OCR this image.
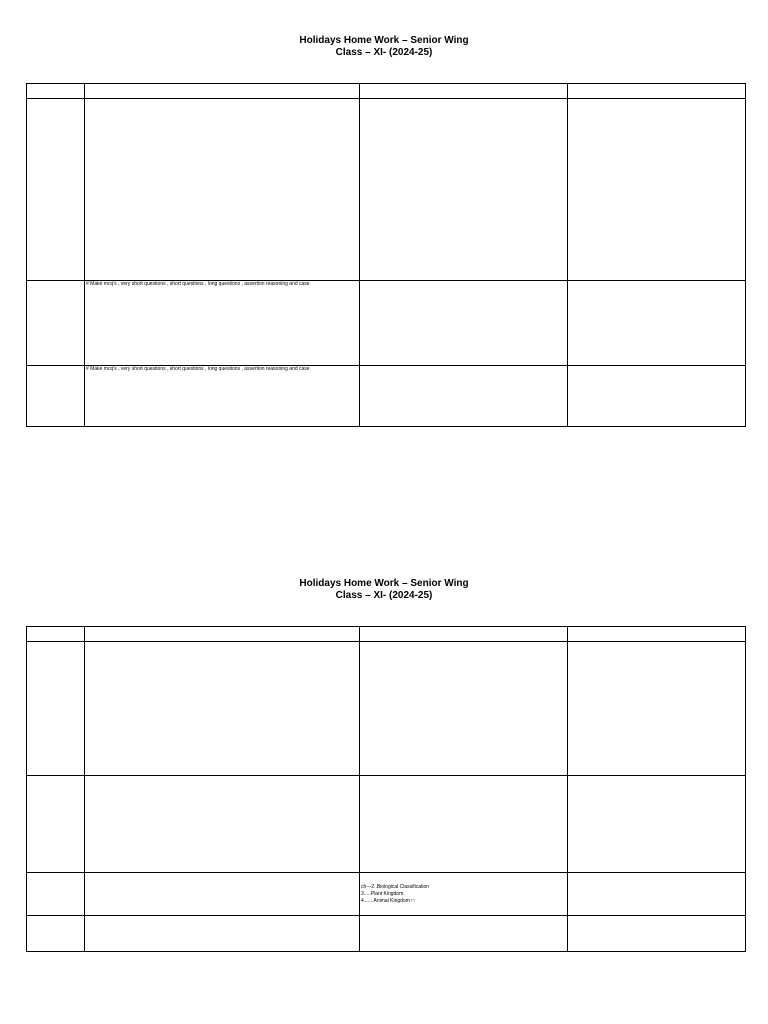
Holidays Home Work – Senior Wing
Class – XI- (2024-25)

	# Make mcq's , very short questions , short questions , long questions , assertion reasoning and case		

	# Make mcq's , very short questions , short questions , long questions , assertion reasoning and case		

Holidays Home Work – Senior Wing
Class – XI- (2024-25)

		ch---2..Biological Classification
3.....Plant Kingdom
4.......Animal Kingdom □	
